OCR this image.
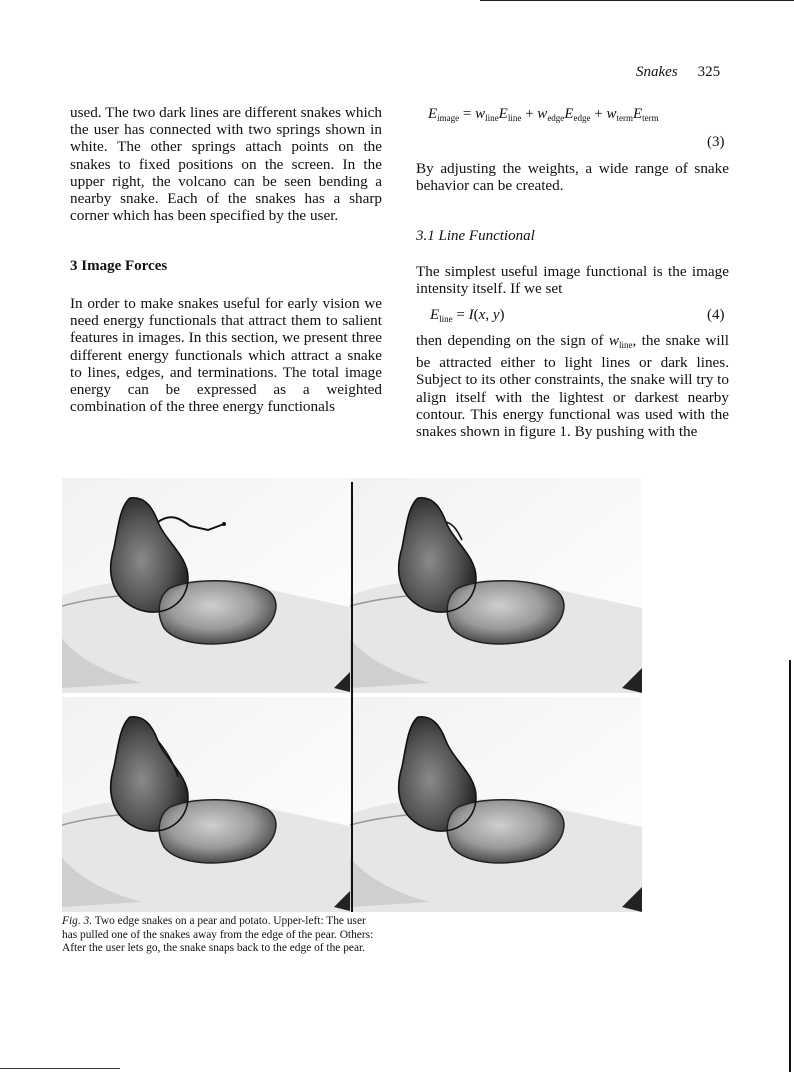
Snakes 325

used. The two dark lines are different snakes which the user has connected with two springs shown in white. The other springs attach points on the snakes to fixed positions on the screen. In the upper right, the volcano can be seen bending a nearby snake. Each of the snakes has a sharp corner which has been specified by the user.

3 Image Forces

In order to make snakes useful for early vision we need energy functionals that attract them to salient features in images. In this section, we present three different energy functionals which attract a snake to lines, edges, and terminations. The total image energy can be expressed as a weighted combination of the three energy functionals

$E_{image} = w_{line}E_{line} + w_{edge}E_{edge} + w_{term}E_{term}$
(3)

By adjusting the weights, a wide range of snake behavior can be created.

3.1 Line Functional

The simplest useful image functional is the image intensity itself. If we set

$E_{line} = I(x$, y)	(4)

then depending on the sign of $w_{line}$, the snake will be attracted either to light lines or dark lines. Subject to its other constraints, the snake will try to align itself with the lightest or darkest nearby contour. This energy functional was used with the snakes shown in figure 1. By pushing with the

Fig. 3. Two edge snakes on a pear and potato. Upper-left: The user has pulled one of the snakes away from the edge of the pear. Others: After the user lets go, the snake snaps back to the edge of the pear.
